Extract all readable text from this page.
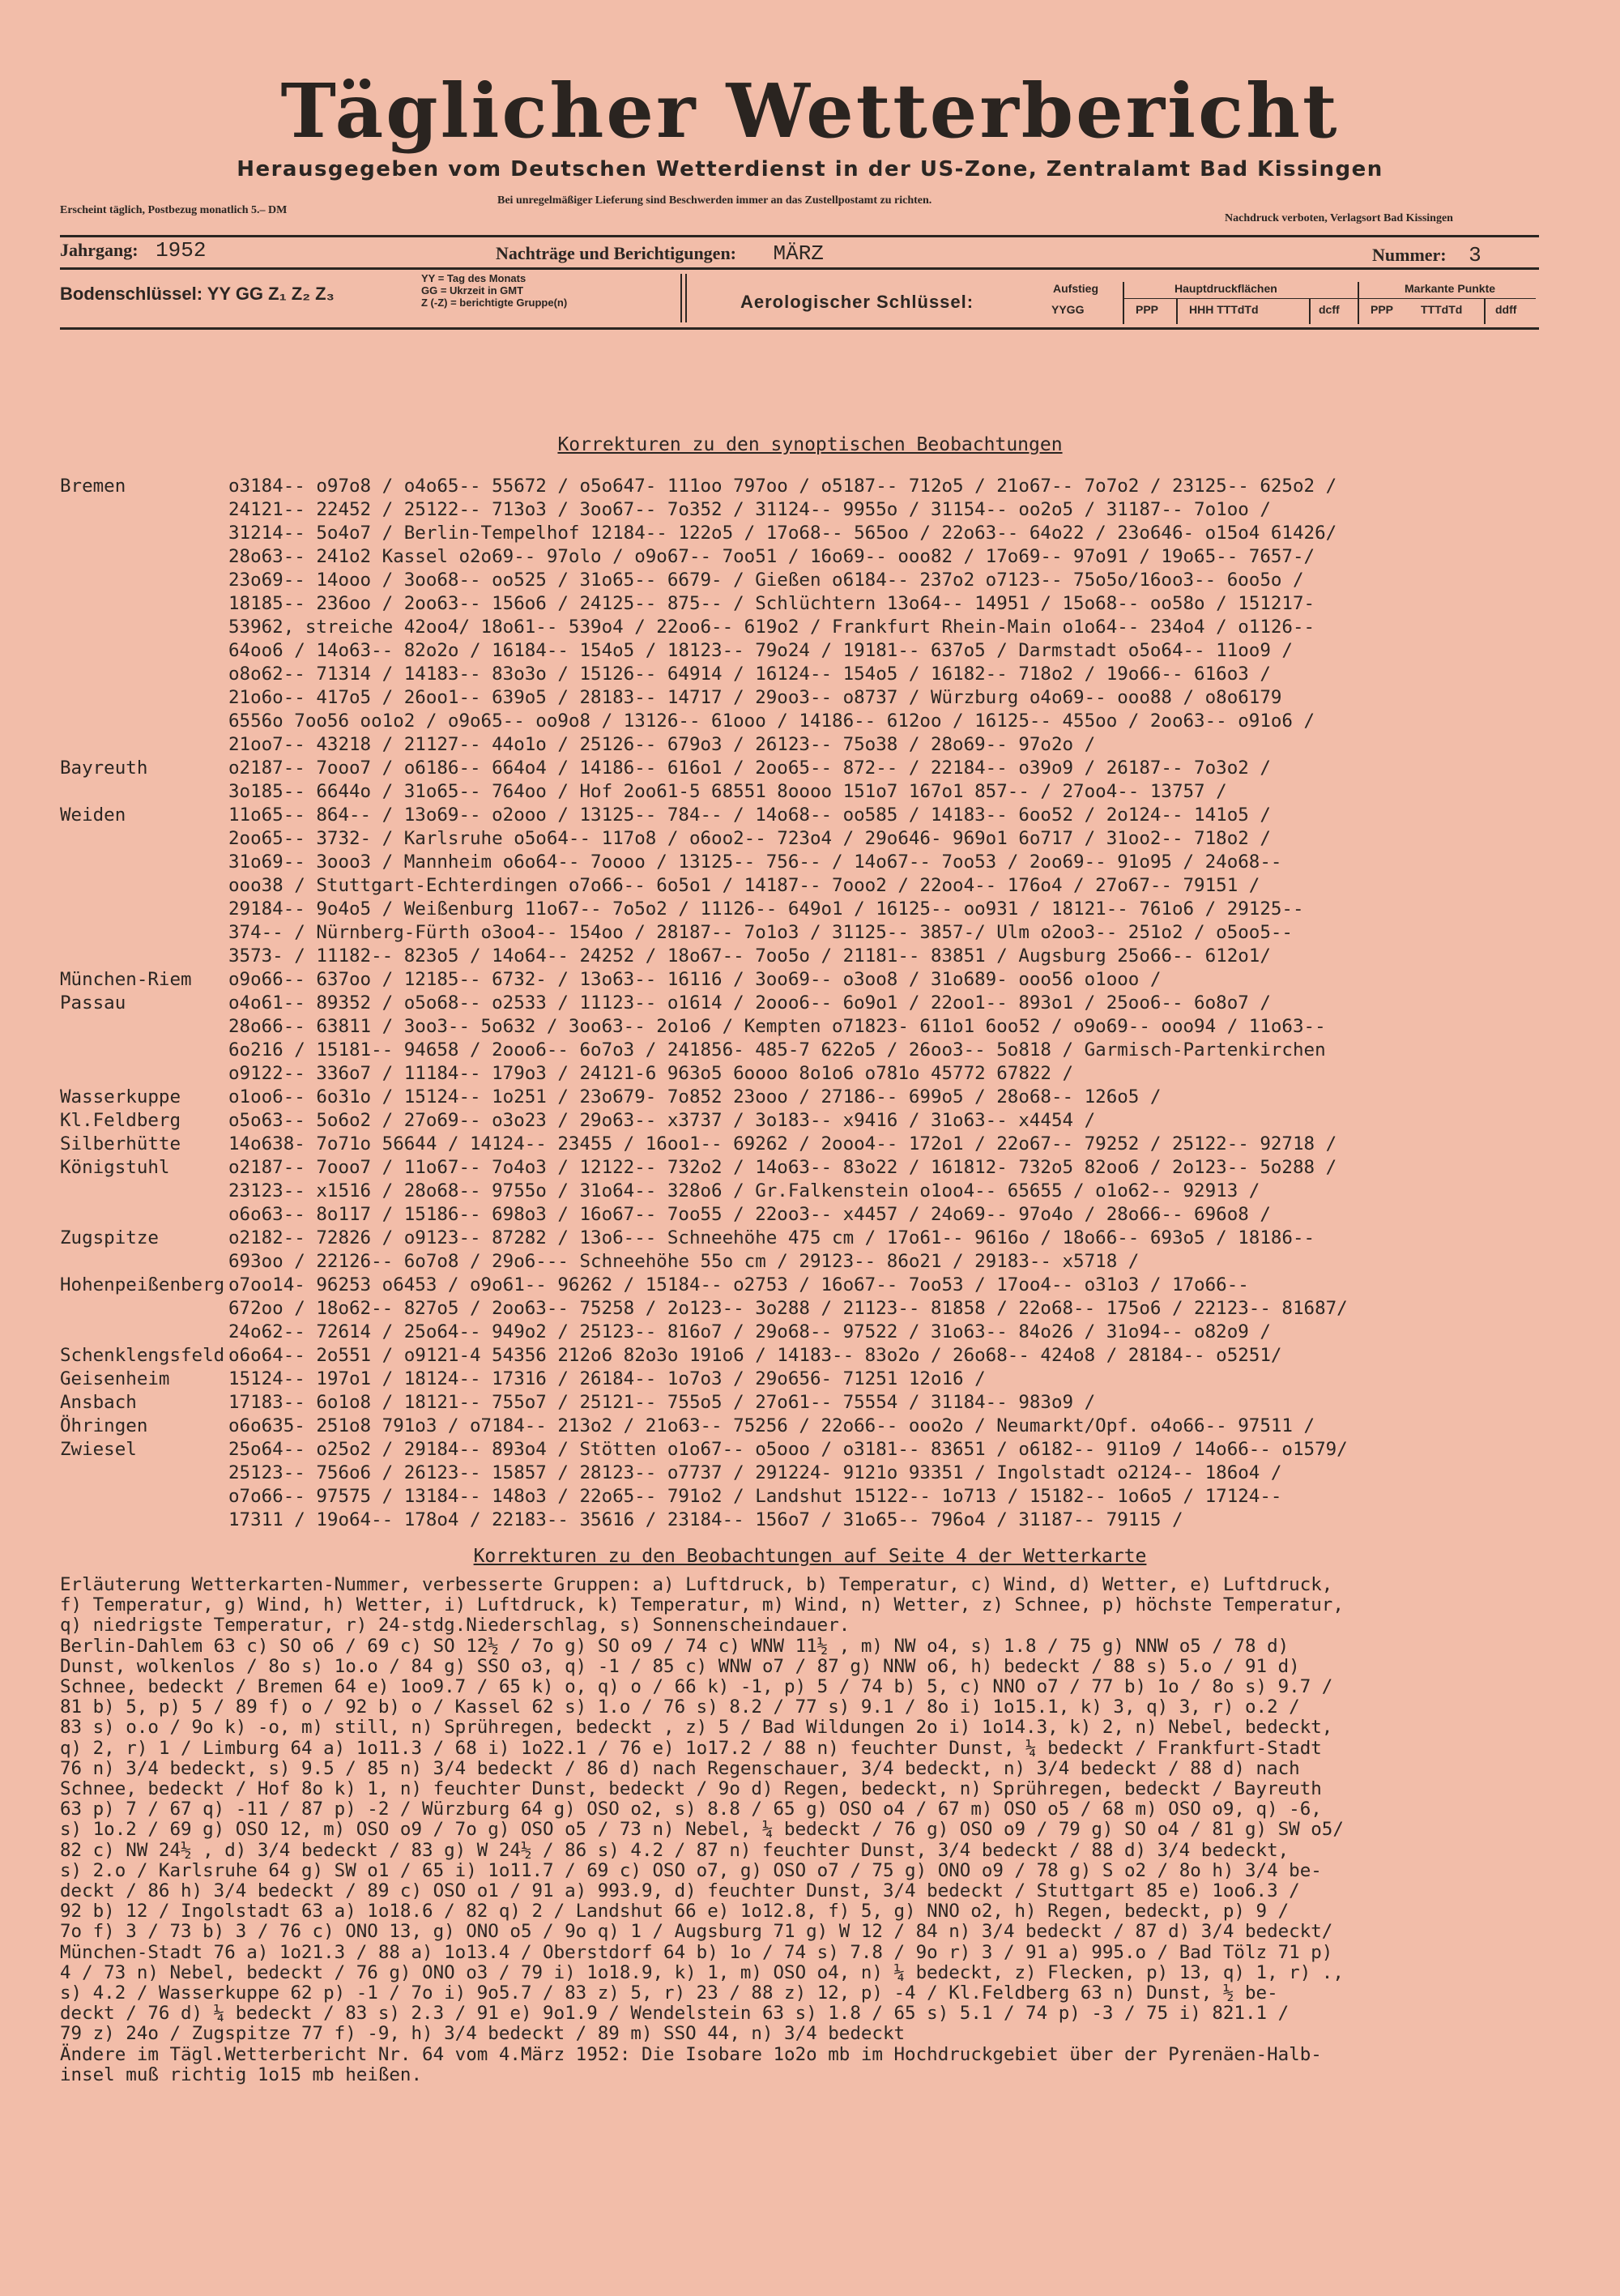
Täglicher Wetterbericht
Herausgegeben vom Deutschen Wetterdienst in der US-Zone, Zentralamt Bad Kissingen
Erscheint täglich, Postbezug monatlich 5.– DM
Bei unregelmäßiger Lieferung sind Beschwerden immer an das Zustellpostamt zu richten.
Nachdruck verboten, Verlagsort Bad Kissingen
Jahrgang: 1952	Nachträge und Berichtigungen: MÄRZ	Nummer: 3
Bodenschlüssel: YY GG Z₁ Z₂ Z₃
YY = Tag des Monats
GG = Ukrzeit in GMT
Z (-Z) = berichtigte Gruppe(n)	Aerologischer Schlüssel:
Aufstieg	Hauptdruckflächen	Markante Punkte
YYGG	PPP	HHH TTTdTd	dcff	PPP TTTdTd	ddff
Korrekturen zu den synoptischen Beobachtungen
Bremen	o3184-- o97o8 / o4o65-- 55672 / o5o647- 111oo 797oo / o5187-- 712o5 / 21o67-- 7o7o2 / 23125-- 625o2 /
24121-- 22452 / 25122-- 713o3 / 3oo67-- 7o352 / 31124-- 9955o / 31154-- oo2o5 / 31187-- 7o1oo /
31214-- 5o4o7 / Berlin-Tempelhof 12184-- 122o5 / 17o68-- 565oo / 22o63-- 64o22 / 23o646- o15o4 61426/
28o63-- 241o2 Kassel o2o69-- 97olo / o9o67-- 7oo51 / 16o69-- ooo82 / 17o69-- 97o91 / 19o65-- 7657-/
23o69-- 14ooo / 3oo68-- oo525 / 31o65-- 6679- / Gießen o6184-- 237o2 o7123-- 75o5o/16oo3-- 6oo5o /
18185-- 236oo / 2oo63-- 156o6 / 24125-- 875-- / Schlüchtern 13o64-- 14951 / 15o68-- oo58o / 151217-
53962, streiche 42oo4/ 18o61-- 539o4 / 22oo6-- 619o2 / Frankfurt Rhein-Main o1o64-- 234o4 / o1126--
64oo6 / 14o63-- 82o2o / 16184-- 154o5 / 18123-- 79o24 / 19181-- 637o5 / Darmstadt o5o64-- 11oo9 /
o8o62-- 71314 / 14183-- 83o3o / 15126-- 64914 / 16124-- 154o5 / 16182-- 718o2 / 19o66-- 616o3 /
21o6o-- 417o5 / 26oo1-- 639o5 / 28183-- 14717 / 29oo3-- o8737 / Würzburg o4o69-- ooo88 / o8o6179
6556o 7oo56 oo1o2 / o9o65-- oo9o8 / 13126-- 61ooo / 14186-- 612oo / 16125-- 455oo / 2oo63-- o91o6 /
21oo7-- 43218 / 21127-- 44o1o / 25126-- 679o3 / 26123-- 75o38 / 28o69-- 97o2o /
Bayreuth	o2187-- 7ooo7 / o6186-- 664o4 / 14186-- 616o1 / 2oo65-- 872-- / 22184-- o39o9 / 26187-- 7o3o2 /
3o185-- 6644o / 31o65-- 764oo / Hof 2oo61-5 68551 8oooo 151o7 167o1 857-- / 27oo4-- 13757 /
Weiden	11o65-- 864-- / 13o69-- o2ooo / 13125-- 784-- / 14o68-- oo585 / 14183-- 6oo52 / 2o124-- 141o5 /
2oo65-- 3732- / Karlsruhe o5o64-- 117o8 / o6oo2-- 723o4 / 29o646- 969o1 6o717 / 31oo2-- 718o2 /
31o69-- 3ooo3 / Mannheim o6o64-- 7oooo / 13125-- 756-- / 14o67-- 7oo53 / 2oo69-- 91o95 / 24o68--
ooo38 / Stuttgart-Echterdingen o7o66-- 6o5o1 / 14187-- 7ooo2 / 22oo4-- 176o4 / 27o67-- 79151 /
29184-- 9o4o5 / Weißenburg 11o67-- 7o5o2 / 11126-- 649o1 / 16125-- oo931 / 18121-- 761o6 / 29125--
374-- / Nürnberg-Fürth o3oo4-- 154oo / 28187-- 7o1o3 / 31125-- 3857-/ Ulm o2oo3-- 251o2 / o5oo5--
3573- / 11182-- 823o5 / 14o64-- 24252 / 18o67-- 7oo5o / 21181-- 83851 / Augsburg 25o66-- 612o1/
München-Riem	o9o66-- 637oo / 12185-- 6732- / 13o63-- 16116 / 3oo69-- o3oo8 / 31o689- ooo56 o1ooo /
Passau	o4o61-- 89352 / o5o68-- o2533 / 11123-- o1614 / 2ooo6-- 6o9o1 / 22oo1-- 893o1 / 25oo6-- 6o8o7 /
28o66-- 63811 / 3oo3-- 5o632 / 3oo63-- 2o1o6 / Kempten o71823- 611o1 6oo52 / o9o69-- ooo94 / 11o63--
6o216 / 15181-- 94658 / 2ooo6-- 6o7o3 / 241856- 485-7 622o5 / 26oo3-- 5o818 / Garmisch-Partenkirchen
o9122-- 336o7 / 11184-- 179o3 / 24121-6 963o5 6oooo 8o1o6 o781o 45772 67822 /
Wasserkuppe	o1oo6-- 6o31o / 15124-- 1o251 / 23o679- 7o852 23ooo / 27186-- 699o5 / 28o68-- 126o5 /
Kl.Feldberg	o5o63-- 5o6o2 / 27o69-- o3o23 / 29o63-- x3737 / 3o183-- x9416 / 31o63-- x4454 /
Silberhütte	14o638- 7o71o 56644 / 14124-- 23455 / 16oo1-- 69262 / 2ooo4-- 172o1 / 22o67-- 79252 / 25122-- 92718 /
Königstuhl	o2187-- 7ooo7 / 11o67-- 7o4o3 / 12122-- 732o2 / 14o63-- 83o22 / 161812- 732o5 82oo6 / 2o123-- 5o288 /
23123-- x1516 / 28o68-- 9755o / 31o64-- 328o6 / Gr.Falkenstein o1oo4-- 65655 / o1o62-- 92913 /
o6o63-- 8o117 / 15186-- 698o3 / 16o67-- 7oo55 / 22oo3-- x4457 / 24o69-- 97o4o / 28o66-- 696o8 /
Zugspitze	o2182-- 72826 / o9123-- 87282 / 13o6--- Schneehöhe 475 cm / 17o61-- 9616o / 18o66-- 693o5 / 18186--
693oo / 22126-- 6o7o8 / 29o6--- Schneehöhe 55o cm / 29123-- 86o21 / 29183-- x5718 /
Hohenpeißenberg o7oo14- 96253 o6453 / o9o61-- 96262 / 15184-- o2753 / 16o67-- 7oo53 / 17oo4-- o31o3 / 17o66--
672oo / 18o62-- 827o5 / 2oo63-- 75258 / 2o123-- 3o288 / 21123-- 81858 / 22o68-- 175o6 / 22123-- 81687/
24o62-- 72614 / 25o64-- 949o2 / 25123-- 816o7 / 29o68-- 97522 / 31o63-- 84o26 / 31o94-- o82o9 /
Schenklengsfeld o6o64-- 2o551 / o9121-4 54356 212o6 82o3o 191o6 / 14183-- 83o2o / 26o68-- 424o8 / 28184-- o5251/
Geisenheim	15124-- 197o1 / 18124-- 17316 / 26184-- 1o7o3 / 29o656- 71251 12o16 /
Ansbach	17183-- 6o1o8 / 18121-- 755o7 / 25121-- 755o5 / 27o61-- 75554 / 31184-- 983o9 /
Öhringen	o6o635- 251o8 791o3 / o7184-- 213o2 / 21o63-- 75256 / 22o66-- ooo2o / Neumarkt/Opf. o4o66-- 97511 /
Zwiesel	25o64-- o25o2 / 29184-- 893o4 / Stötten o1o67-- o5ooo / o3181-- 83651 / o6182-- 911o9 / 14o66-- o1579/
25123-- 756o6 / 26123-- 15857 / 28123-- o7737 / 291224- 9121o 93351 / Ingolstadt o2124-- 186o4 /
o7o66-- 97575 / 13184-- 148o3 / 22o65-- 791o2 / Landshut 15122-- 1o713 / 15182-- 1o6o5 / 17124--
17311 / 19o64-- 178o4 / 22183-- 35616 / 23184-- 156o7 / 31o65-- 796o4 / 31187-- 79115 /
Korrekturen zu den Beobachtungen auf Seite 4 der Wetterkarte
Erläuterung Wetterkarten-Nummer, verbesserte Gruppen: a) Luftdruck, b) Temperatur, c) Wind, d) Wetter, e) Luftdruck,
f) Temperatur, g) Wind, h) Wetter, i) Luftdruck, k) Temperatur, m) Wind, n) Wetter, z) Schnee, p) höchste Temperatur,
q) niedrigste Temperatur, r) 24-stdg.Niederschlag, s) Sonnenscheindauer.
Berlin-Dahlem 63 c) SO o6 / 69 c) SO 12½ / 7o g) SO o9 / 74 c) WNW 11½ , m) NW o4, s) 1.8 / 75 g) NNW o5 / 78 d)
Dunst, wolkenlos / 8o s) 1o.o / 84 g) SSO o3, q) -1 / 85 c) WNW o7 / 87 g) NNW o6, h) bedeckt / 88 s) 5.o / 91 d)
Schnee, bedeckt / Bremen 64 e) 1oo9.7 / 65 k) o, q) o / 66 k) -1, p) 5 / 74 b) 5, c) NNO o7 / 77 b) 1o / 8o s) 9.7 /
81 b) 5, p) 5 / 89 f) o / 92 b) o / Kassel 62 s) 1.o / 76 s) 8.2 / 77 s) 9.1 / 8o i) 1o15.1, k) 3, q) 3, r) o.2 /
83 s) o.o / 9o k) -o, m) still, n) Sprühregen, bedeckt , z) 5 / Bad Wildungen 2o i) 1o14.3, k) 2, n) Nebel, bedeckt,
q) 2, r) 1 / Limburg 64 a) 1o11.3 / 68 i) 1o22.1 / 76 e) 1o17.2 / 88 n) feuchter Dunst, ¼ bedeckt / Frankfurt-Stadt
76 n) 3/4 bedeckt, s) 9.5 / 85 n) 3/4 bedeckt / 86 d) nach Regenschauer, 3/4 bedeckt, n) 3/4 bedeckt / 88 d) nach
Schnee, bedeckt / Hof 8o k) 1, n) feuchter Dunst, bedeckt / 9o d) Regen, bedeckt, n) Sprühregen, bedeckt / Bayreuth
63 p) 7 / 67 q) -11 / 87 p) -2 / Würzburg 64 g) OSO o2, s) 8.8 / 65 g) OSO o4 / 67 m) OSO o5 / 68 m) OSO o9, q) -6,
s) 1o.2 / 69 g) OSO 12, m) OSO o9 / 7o g) OSO o5 / 73 n) Nebel, ¼ bedeckt / 76 g) OSO o9 / 79 g) SO o4 / 81 g) SW o5/
82 c) NW 24½ , d) 3/4 bedeckt / 83 g) W 24½ / 86 s) 4.2 / 87 n) feuchter Dunst, 3/4 bedeckt / 88 d) 3/4 bedeckt,
s) 2.o / Karlsruhe 64 g) SW o1 / 65 i) 1o11.7 / 69 c) OSO o7, g) OSO o7 / 75 g) ONO o9 / 78 g) S o2 / 8o h) 3/4 be-
deckt / 86 h) 3/4 bedeckt / 89 c) OSO o1 / 91 a) 993.9, d) feuchter Dunst, 3/4 bedeckt / Stuttgart 85 e) 1oo6.3 /
92 b) 12 / Ingolstadt 63 a) 1o18.6 / 82 q) 2 / Landshut 66 e) 1o12.8, f) 5, g) NNO o2, h) Regen, bedeckt, p) 9 /
7o f) 3 / 73 b) 3 / 76 c) ONO 13, g) ONO o5 / 9o q) 1 / Augsburg 71 g) W 12 / 84 n) 3/4 bedeckt / 87 d) 3/4 bedeckt/
München-Stadt 76 a) 1o21.3 / 88 a) 1o13.4 / Oberstdorf 64 b) 1o / 74 s) 7.8 / 9o r) 3 / 91 a) 995.o / Bad Tölz 71 p)
4 / 73 n) Nebel, bedeckt / 76 g) ONO o3 / 79 i) 1o18.9, k) 1, m) OSO o4, n) ¼ bedeckt, z) Flecken, p) 13, q) 1, r) .,
s) 4.2 / Wasserkuppe 62 p) -1 / 7o i) 9o5.7 / 83 z) 5, r) 23 / 88 z) 12, p) -4 / Kl.Feldberg 63 n) Dunst, ½ be-
deckt / 76 d) ¼ bedeckt / 83 s) 2.3 / 91 e) 9o1.9 / Wendelstein 63 s) 1.8 / 65 s) 5.1 / 74 p) -3 / 75 i) 821.1 /
79 z) 24o / Zugspitze 77 f) -9, h) 3/4 bedeckt / 89 m) SSO 44, n) 3/4 bedeckt
Ändere im Tägl.Wetterbericht Nr. 64 vom 4.März 1952: Die Isobare 1o2o mb im Hochdruckgebiet über der Pyrenäen-Halb-
insel muß richtig 1o15 mb heißen.
